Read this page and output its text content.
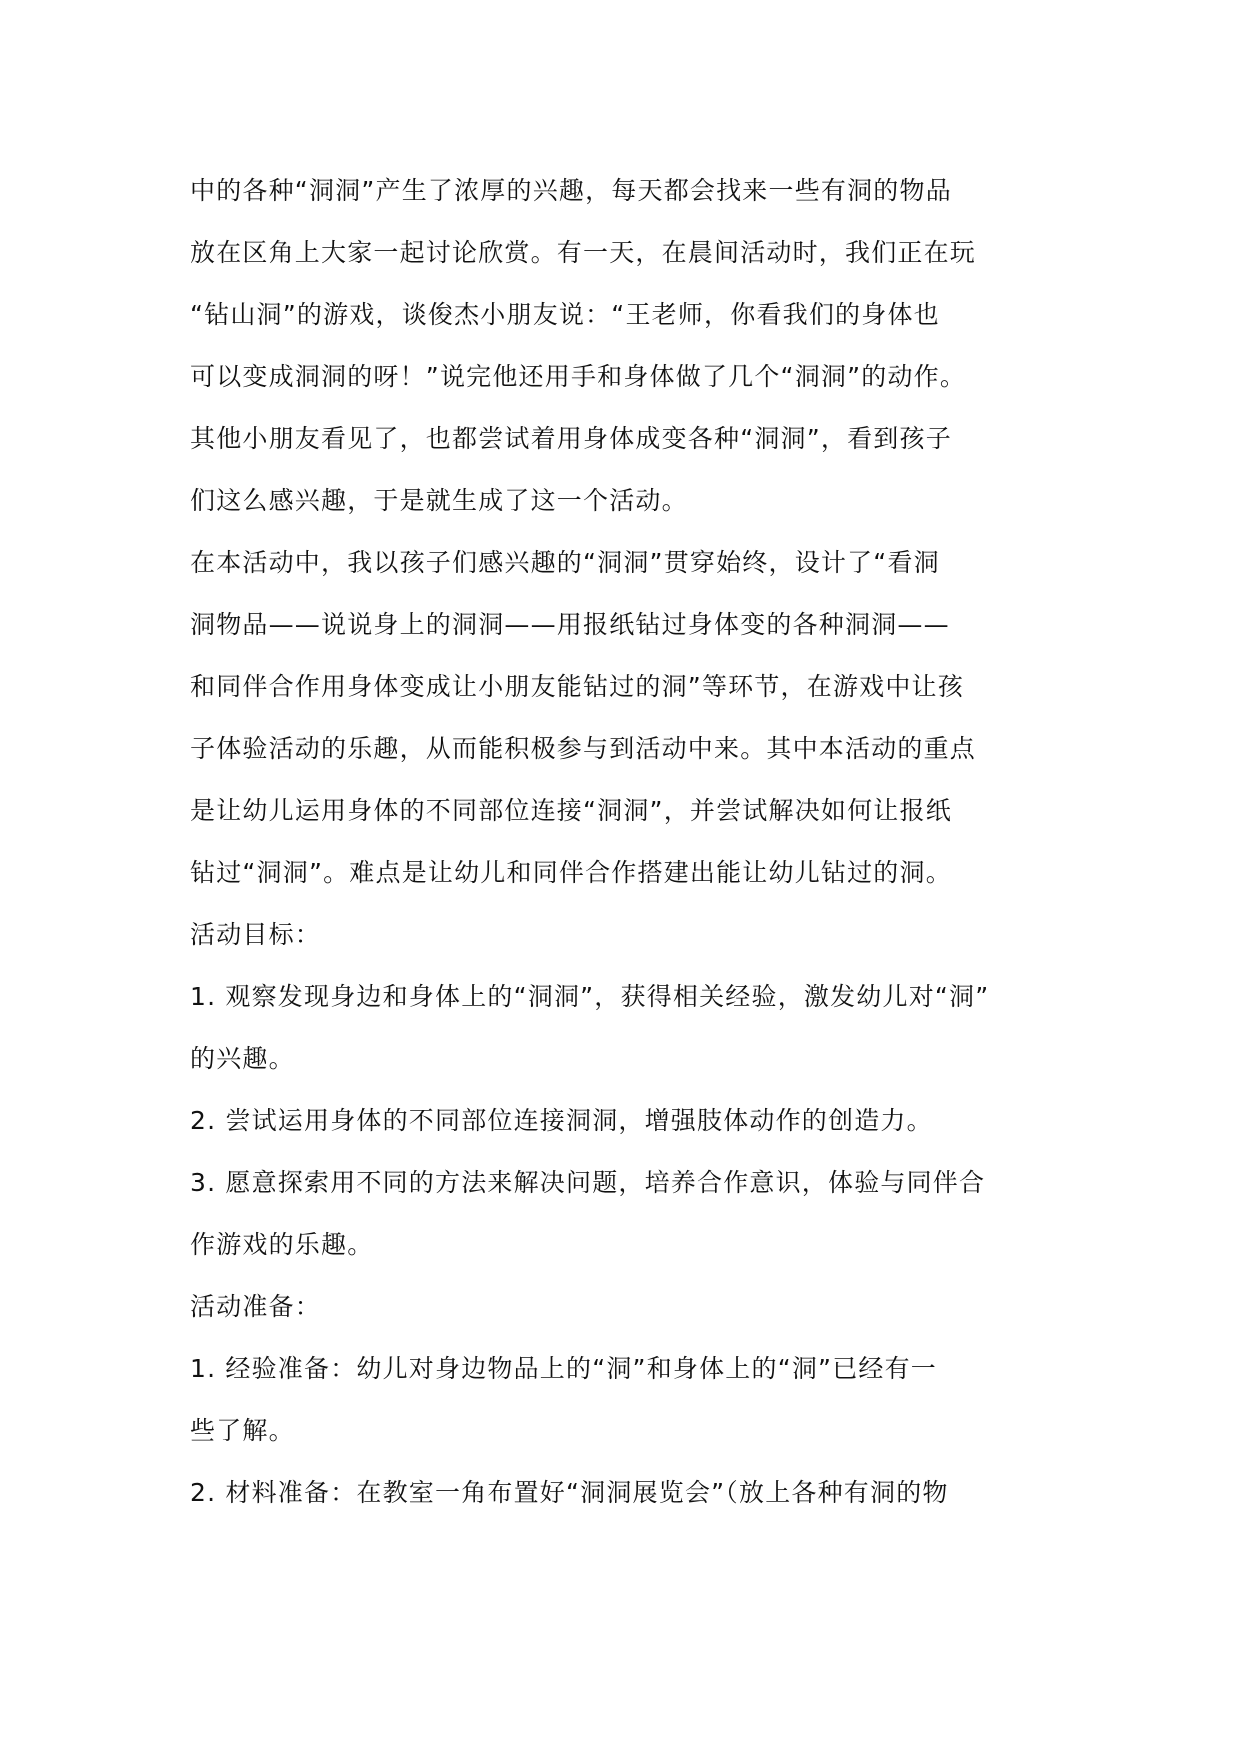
中的各种“洞洞”产生了浓厚的兴趣，每天都会找来一些有洞的物品
放在区角上大家一起讨论欣赏。有一天，在晨间活动时，我们正在玩
“钻山洞”的游戏，谈俊杰小朋友说：“王老师，你看我们的身体也
可以变成洞洞的呀！”说完他还用手和身体做了几个“洞洞”的动作。
其他小朋友看见了，也都尝试着用身体成变各种“洞洞”，看到孩子
们这么感兴趣，于是就生成了这一个活动。
在本活动中，我以孩子们感兴趣的“洞洞”贯穿始终，设计了“看洞
洞物品——说说身上的洞洞——用报纸钻过身体变的各种洞洞——
和同伴合作用身体变成让小朋友能钻过的洞”等环节，在游戏中让孩
子体验活动的乐趣，从而能积极参与到活动中来。其中本活动的重点
是让幼儿运用身体的不同部位连接“洞洞”，并尝试解决如何让报纸
钻过“洞洞”。难点是让幼儿和同伴合作搭建出能让幼儿钻过的洞。
活动目标：
1. 观察发现身边和身体上的“洞洞”，获得相关经验，激发幼儿对“洞”
的兴趣。
2. 尝试运用身体的不同部位连接洞洞，增强肢体动作的创造力。
3. 愿意探索用不同的方法来解决问题，培养合作意识，体验与同伴合
作游戏的乐趣。
活动准备：
1. 经验准备：幼儿对身边物品上的“洞”和身体上的“洞”已经有一
些了解。
2. 材料准备：在教室一角布置好“洞洞展览会”（放上各种有洞的物
